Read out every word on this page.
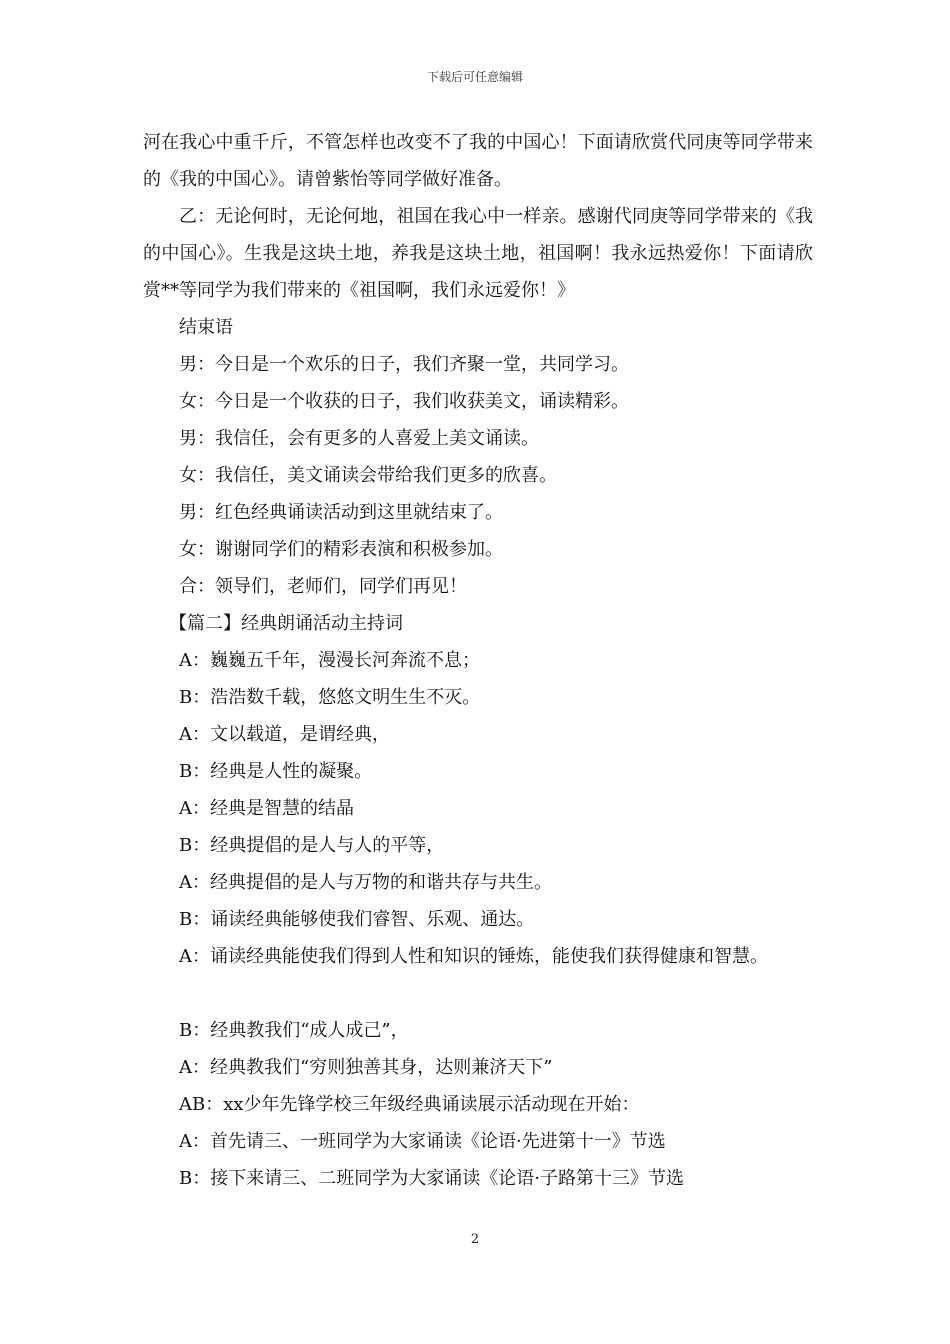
下载后可任意编辑

河在我心中重千斤，不管怎样也改变不了我的中国心！下面请欣赏代同庚等同学带来的《我的中国心》。请曾紫怡等同学做好准备。

乙：无论何时，无论何地，祖国在我心中一样亲。感谢代同庚等同学带来的《我的中国心》。生我是这块土地，养我是这块土地，祖国啊！我永远热爱你！下面请欣赏**等同学为我们带来的《祖国啊，我们永远爱你！》

结束语
男：今日是一个欢乐的日子，我们齐聚一堂，共同学习。
女：今日是一个收获的日子，我们收获美文，诵读精彩。
男：我信任，会有更多的人喜爱上美文诵读。
女：我信任，美文诵读会带给我们更多的欣喜。
男：红色经典诵读活动到这里就结束了。
女：谢谢同学们的精彩表演和积极参加。
合：领导们，老师们，同学们再见！
【篇二】经典朗诵活动主持词
A：巍巍五千年，漫漫长河奔流不息；
B：浩浩数千载，悠悠文明生生不灭。
A：文以载道，是谓经典，
B：经典是人性的凝聚。
A：经典是智慧的结晶
B：经典提倡的是人与人的平等，
A：经典提倡的是人与万物的和谐共存与共生。
B：诵读经典能够使我们睿智、乐观、通达。
A：诵读经典能使我们得到人性和知识的锤炼，能使我们获得健康和智慧。
B：经典教我们“成人成己”，
A：经典教我们“穷则独善其身，达则兼济天下”
AB：xx少年先锋学校三年级经典诵读展示活动现在开始：
A：首先请三、一班同学为大家诵读《论语·先进第十一》节选
B：接下来请三、二班同学为大家诵读《论语·子路第十三》节选
2
